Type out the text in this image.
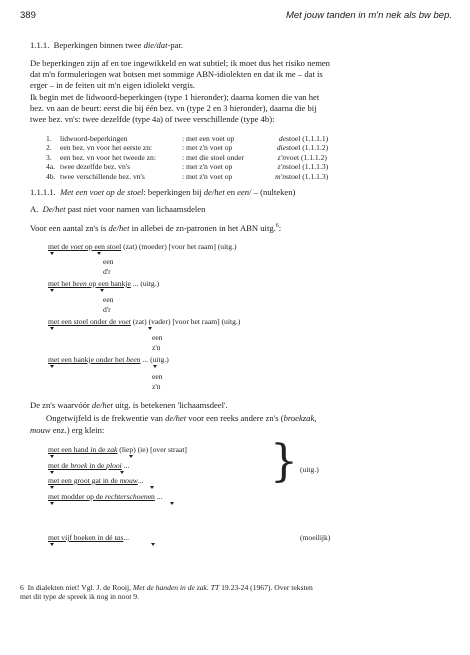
389	Met jouw tanden in m'n nek als bw bep.
1.1.1.  Beperkingen binnen twee die/dat-par.
De beperkingen zijn af en toe ingewikkeld en wat subtiel; ik moet dus het risiko nemen
dat m'n formuleringen wat botsen met sommige ABN-idiolekten en dat ik me – dat is
erger – in de feiten uit m'n eigen idiolekt vergis.
Ik begin met de lidwoord-beperkingen (type 1 hieronder); daarna komen die van het
bez. vn aan de beurt: eerst die bij één bez. vn (type 2 en 3 hieronder), daarna die bij
twee bez. vn's: twee dezelfde (type 4a) of twee verschillende (type 4b):
1.	lidwoord-beperkingen	: met een voet op	de stoel (1.1.1.1)
2.	een bez. vn voor het eerste zn:	: met z'n voet op	die stoel (1.1.1.2)
3.	een bez. vn voor het tweede zn:	: met die stoel onder	z'n voet (1.1.1.2)
4a. twee dezelfde bez. vn's	: met z'n voet op	z'n stoel (1.1.1.3)
4b. twee verschillende bez. vn's	: met z'n voet op	m'n stoel (1.1.1.3)
1.1.1.1.  Met een voet op de stoel: beperkingen bij de/het en een/ – (nulteken)
A.  De/het past niet voor namen van lichaamsdelen
Voor een aantal zn's is de/het in allebei de zn-patronen in het ABN uitg.$^6$:
met de voet op een stoel (zat) (moeder) [voor het raam] (uitg.)
een
d'r
met het been op een bankje ... (uitg.)
een
d'r
met een stoel onder de voet (zat) (vader) [voor het raam] (uitg.)
een
z'n
met een bankje onder het been ... (uitg.)
een
z'n
De zn's waarvóór de/het uitg. is betekenen 'lichaamsdeel'.
Ongetwijfeld is de frekwentie van de/het voor een reeks andere zn's (broekzak,
mouw enz.) erg klein:
met een hand in de zak (liep) (ie) [over straat]
met de broek in de plooi ...
met een groot gat in de mouw...
met modder op de rechterschoenen ...
} (uitg.)
met vijf boeken in dé tas...	(moeilijk)
6  In dialekten niet! Vgl. J. de Rooij, Met de handen in de zak. TT 19.23-24 (1967). Over teksten
met dit type de spreek ik nog in noot 9.
